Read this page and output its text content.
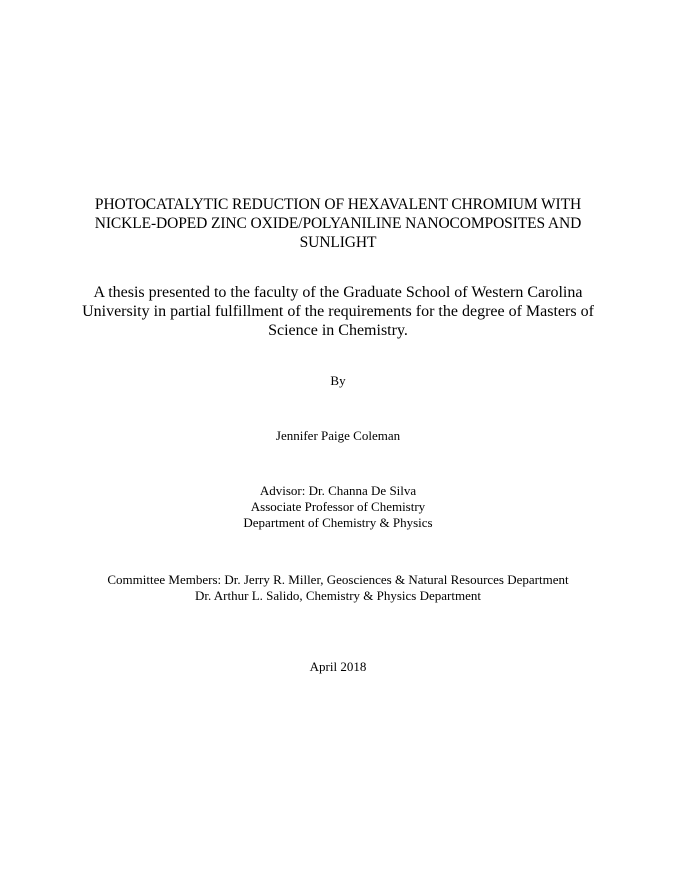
PHOTOCATALYTIC REDUCTION OF HEXAVALENT CHROMIUM WITH
NICKLE-DOPED ZINC OXIDE/POLYANILINE NANOCOMPOSITES AND
SUNLIGHT
A thesis presented to the faculty of the Graduate School of Western Carolina
University in partial fulfillment of the requirements for the degree of Masters of
Science in Chemistry.
By
Jennifer Paige Coleman
Advisor: Dr. Channa De Silva
Associate Professor of Chemistry
Department of Chemistry & Physics
Committee Members: Dr. Jerry R. Miller, Geosciences & Natural Resources Department
Dr. Arthur L. Salido, Chemistry & Physics Department
April 2018
